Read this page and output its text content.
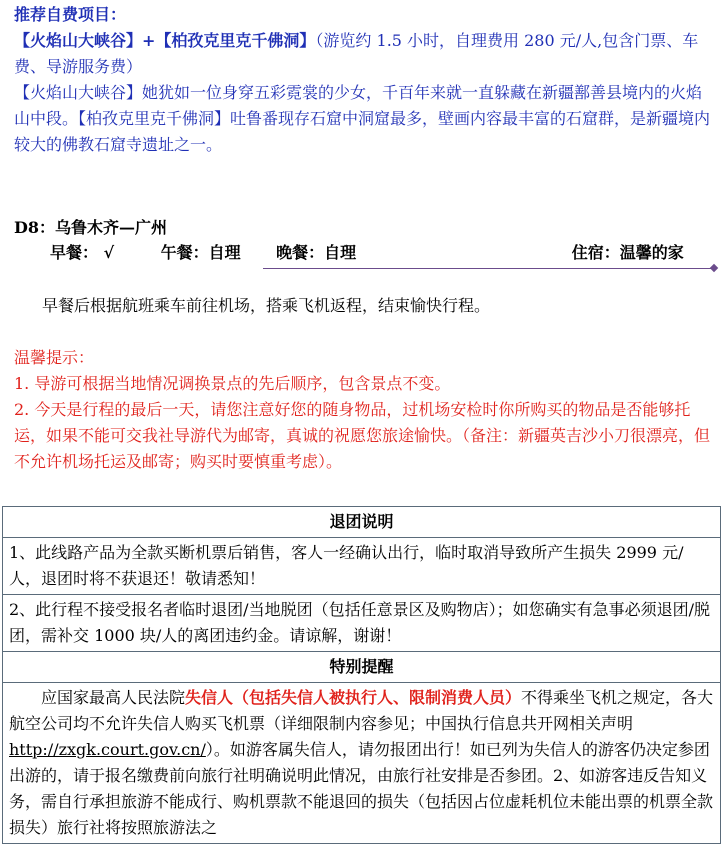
推荐自费项目：

【火焰山大峡谷】+【柏孜克里克千佛洞】（游览约 1.5 小时，自理费用 280 元/人,包含门票、车费、导游服务费）

【火焰山大峡谷】她犹如一位身穿五彩霓裳的少女，千百年来就一直躲藏在新疆鄯善县境内的火焰山中段。【柏孜克里克千佛洞】吐鲁番现存石窟中洞窟最多，壁画内容最丰富的石窟群，是新疆境内较大的佛教石窟寺遗址之一。

D8：乌鲁木齐—广州
早餐： √	午餐：自理 晚餐：自理	住宿：温馨的家
早餐后根据航班乘车前往机场，搭乘飞机返程，结束愉快行程。

温馨提示：

1. 导游可根据当地情况调换景点的先后顺序，包含景点不变。

2. 今天是行程的最后一天，请您注意好您的随身物品，过机场安检时你所购买的物品是否能够托运，如果不能可交我社导游代为邮寄，真诚的祝愿您旅途愉快。（备注：新疆英吉沙小刀很漂亮，但不允许机场托运及邮寄；购买时要慎重考虑）。

退团说明
1、此线路产品为全款买断机票后销售，客人一经确认出行，临时取消导致所产生损失 2999 元/人，退团时将不获退还！敬请悉知！
2、此行程不接受报名者临时退团/当地脱团（包括任意景区及购物店）；如您确实有急事必须退团/脱团，需补交 1000 块/人的离团违约金。请谅解，谢谢！
特别提醒
应国家最高人民法院失信人（包括失信人被执行人、限制消费人员）不得乘坐飞机之规定，各大航空公司均不允许失信人购买飞机票（详细限制内容参见；中国执行信息共开网相关声明 http://zxgk.court.gov.cn/）。如游客属失信人，请勿报团出行！如已列为失信人的游客仍决定参团出游的，请于报名缴费前向旅行社明确说明此情况，由旅行社安排是否参团。2、如游客违反告知义务，需自行承担旅游不能成行、购机票款不能退回的损失（包括因占位虚耗机位未能出票的机票全款损失）旅行社将按照旅游法之
